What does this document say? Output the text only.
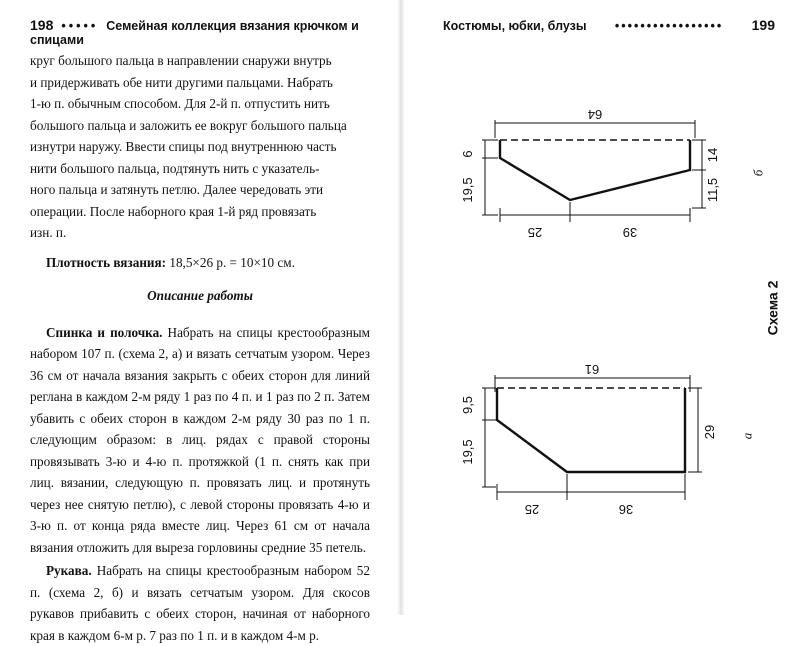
198 ••••• Семейная коллекция вязания крючком и спицами

круг большого пальца в направлении снаружи внутрь

и придерживать обе нити другими пальцами. Набрать

1-ю п. обычным способом. Для 2-й п. отпустить нить

большого пальца и заложить ее вокруг большого пальца

изнутри наружу. Ввести спицы под внутреннюю часть

нити большого пальца, подтянуть нить с указатель-

ного пальца и затянуть петлю. Далее чередовать эти

операции. После наборного края 1-й ряд провязать

изн. п.

Плотность вязания: 18,5×26 р. = 10×10 см.

Описание работы

Спинка и полочка. Набрать на спицы крестообразным набором 107 п. (схема 2, а) и вязать сетчатым узором. Через 36 см от начала вязания закрыть с обеих сторон для линий реглана в каждом 2-м ряду 1 раз по 4 п. и 1 раз по 2 п. Затем убавить с обеих сторон в каждом 2-м ряду 30 раз по 1 п. следующим образом: в лиц. рядах с правой стороны провязывать 3-ю и 4-ю п. протяжкой (1 п. снять как при лиц. вязании, следующую п. провязать лиц. и протянуть через нее снятую петлю), с левой стороны провязать 4-ю и 3-ю п. от конца ряда вместе лиц. Через 61 см от начала вязания отложить для выреза горловины средние 35 петель.

Рукава. Набрать на спицы крестообразным набором 52 п. (схема 2, б) и вязать сетчатым узором. Для скосов рукавов прибавить с обеих сторон, начиная от наборного края в каждом 6-м р. 7 раз по 1 п. и в каждом 4-м р.

Костюмы, юбки, блузы ••••••••••••••••• 199
64
6
19,5
14
11,5
25	39
б
Схема 2
61
9,5
19,5
29
25	36
а
